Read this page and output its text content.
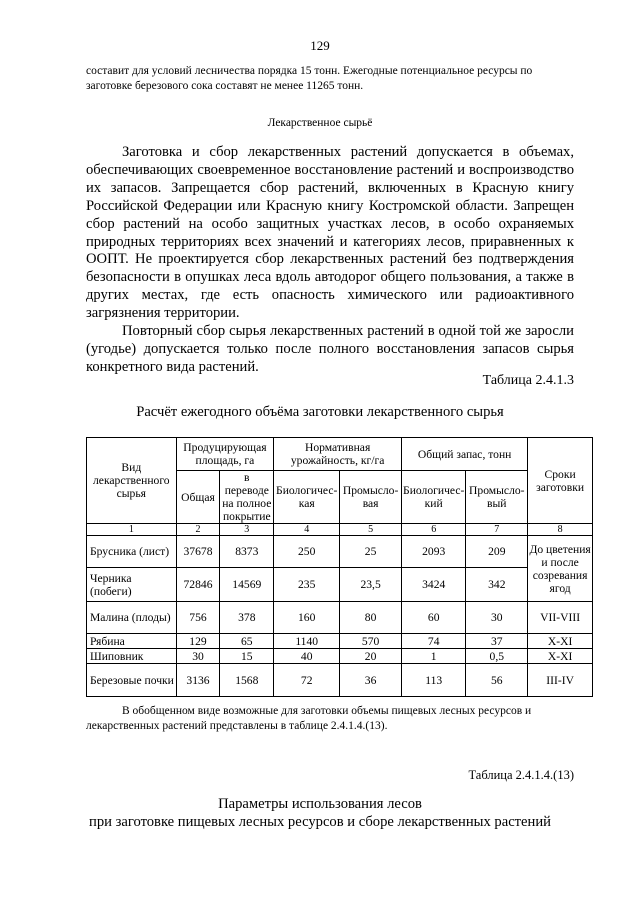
129
составит для условий лесничества порядка 15 тонн. Ежегодные потенциальное ресурсы по заготовке березового сока составят не менее 11265 тонн.
Лекарственное сырьё

Заготовка и сбор лекарственных растений допускается в объемах, обеспечивающих своевременное восстановление растений и воспроизводство их запасов. Запрещается сбор растений, включенных в Красную книгу Российской Федерации или Красную книгу Костромской области. Запрещен сбор растений на особо защитных участках лесов, в особо охраняемых природных территориях всех значений и категориях лесов, приравненных к ООПТ. Не проектируется сбор лекарственных растений без подтверждения безопасности в опушках леса вдоль автодорог общего пользования, а также в других местах, где есть опасность химического или радиоактивного загрязнения территории.

Повторный сбор сырья лекарственных растений в одной той же заросли (угодье) допускается только после полного восстановления запасов сырья конкретного вида растений.

Таблица 2.4.1.3
Расчёт ежегодного объёма заготовки лекарственного сырья
Вид лекарственного сырья	Продуцирующая площадь, га		Нормативная урожайность, кг/га		Общий запас, тонн		Сроки заготовки
	Общая	в переводе на полное покрытие	Биологичес-кая	Промысло-вая	Биологичес-кий	Промысло-вый	
1	2	3	4	5	6	7	8
Брусника (лист)	37678	8373	250	25	2093	209	До цветения и после созревания ягод
Черника (побеги)	72846	14569	235	23,5	3424	342	
Малина (плоды)	756	378	160	80	60	30	VII-VIII
Рябина	129	65	1140	570	74	37	X-XI
Шиповник	30	15	40	20	1	0,5	X-XI
Березовые почки	3136	1568	72	36	113	56	III-IV

В обобщенном виде возможные для заготовки объемы пищевых лесных ресурсов и лекарственных растений представлены в таблице 2.4.1.4.(13).

Таблица 2.4.1.4.(13)
Параметры использования лесов
при заготовке пищевых лесных ресурсов и сборе лекарственных растений
